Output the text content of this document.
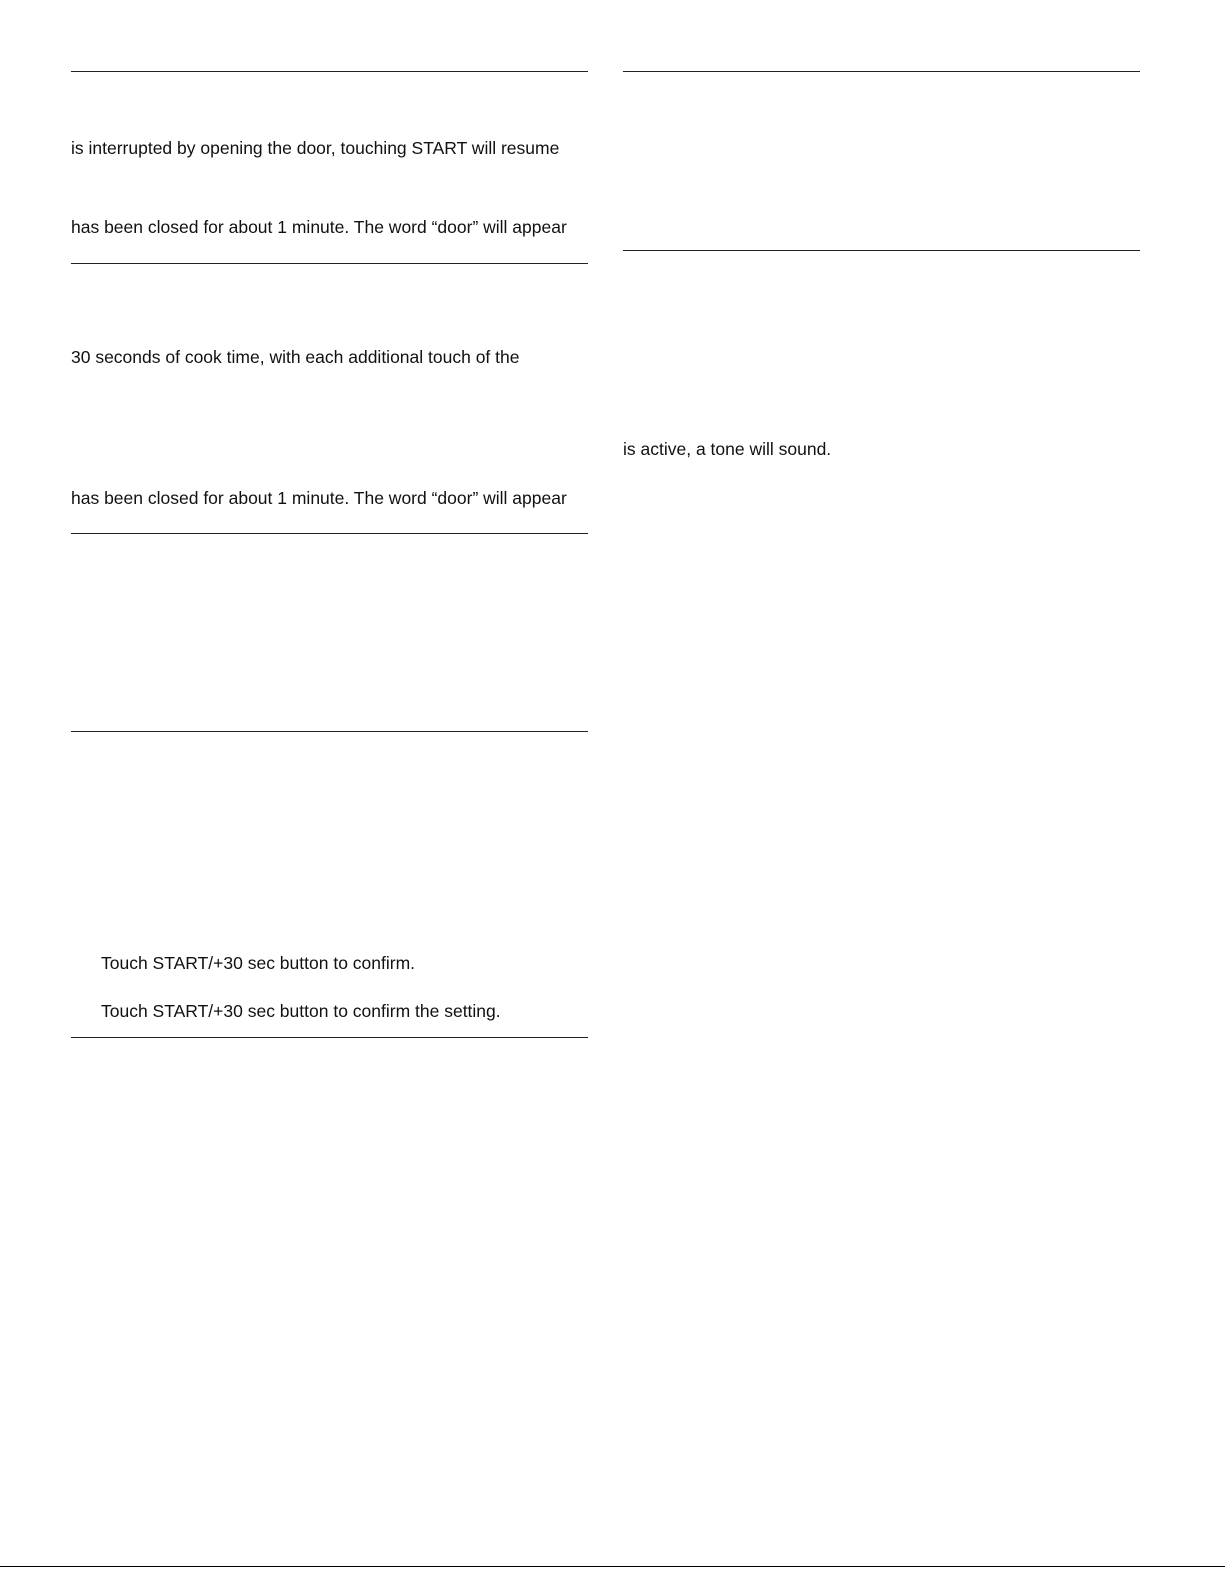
is interrupted by opening the door, touching START will resume
has been closed for about 1 minute. The word “door” will appear
30 seconds of cook time, with each additional touch of the
has been closed for about 1 minute. The word “door” will appear
Touch START/+30 sec button to confirm.
Touch START/+30 sec button to confirm the setting.
is active, a tone will sound.
